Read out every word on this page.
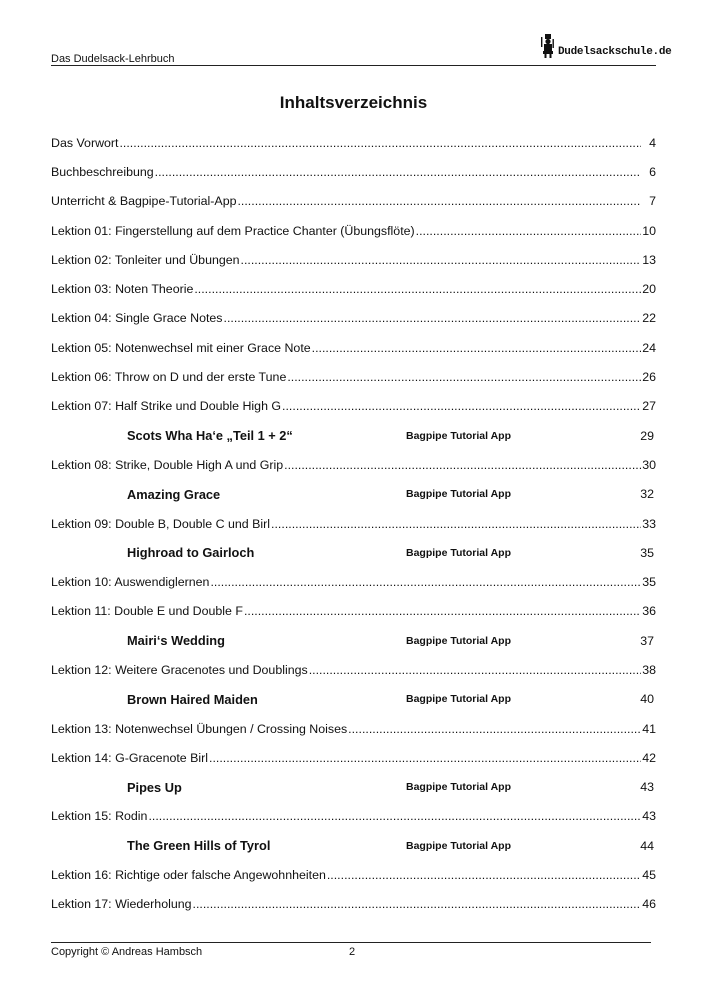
Das Dudelsack-Lehrbuch
Dudelsackschule.de
Inhaltsverzeichnis
Das Vorwort .....	4
Buchbeschreibung .....	6
Unterricht & Bagpipe-Tutorial-App .....	7
Lektion 01: Fingerstellung auf dem Practice Chanter (Übungsflöte) .....	10
Lektion 02: Tonleiter und Übungen .....	13
Lektion 03: Noten Theorie .....	20
Lektion 04: Single Grace Notes .....	22
Lektion 05: Notenwechsel mit einer Grace Note .....	24
Lektion 06: Throw on D und der erste Tune .....	26
Lektion 07: Half Strike und Double High G .....	27
Scots Wha Ha‘e „Teil 1 + 2“	Bagpipe Tutorial App	29
Lektion 08: Strike, Double High A und Grip .....	30
Amazing Grace	Bagpipe Tutorial App	32
Lektion 09: Double B, Double C und Birl .....	33
Highroad to Gairloch	Bagpipe Tutorial App	35
Lektion 10: Auswendiglernen .....	35
Lektion 11: Double E und Double F .....	36
Mairi‘s Wedding	Bagpipe Tutorial App	37
Lektion 12: Weitere Gracenotes und Doublings .....	38
Brown Haired Maiden	Bagpipe Tutorial App	40
Lektion 13: Notenwechsel Übungen / Crossing Noises .....	41
Lektion 14: G-Gracenote Birl .....	42
Pipes Up	Bagpipe Tutorial App	43
Lektion 15: Rodin .....	43
The Green Hills of Tyrol	Bagpipe Tutorial App	44
Lektion 16: Richtige oder falsche Angewohnheiten .....	45
Lektion 17: Wiederholung .....	46
Copyright © Andreas Hambsch	2
